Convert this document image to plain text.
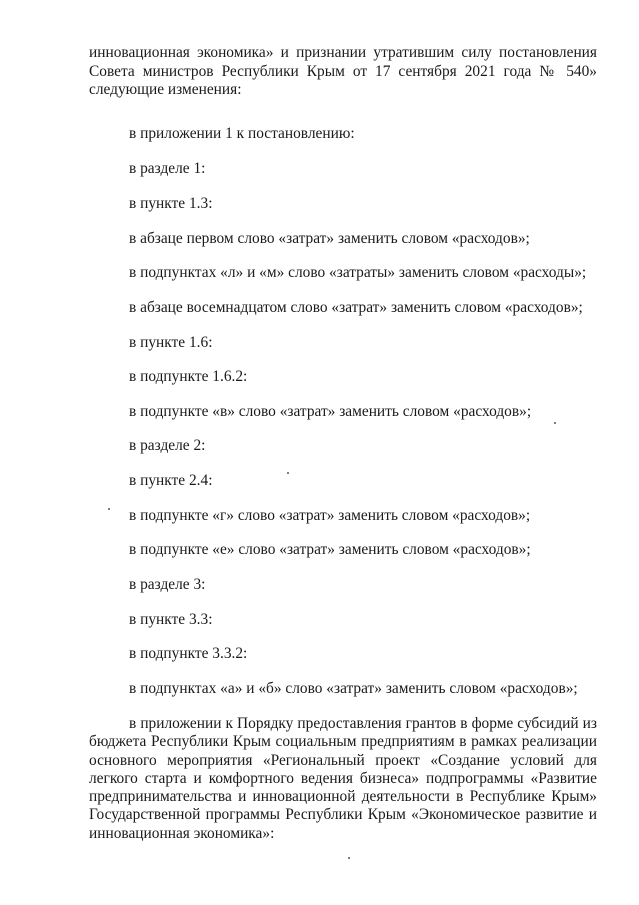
инновационная экономика» и признании утратившим силу постановления Совета министров Республики Крым от 17 сентября 2021 года № 540» следующие изменения:

в приложении 1 к постановлению:

в разделе 1:

в пункте 1.3:

в абзаце первом слово «затрат» заменить словом «расходов»;

в подпунктах «л» и «м» слово «затраты» заменить словом «расходы»;

в абзаце восемнадцатом слово «затрат» заменить словом «расходов»;

в пункте 1.6:

в подпункте 1.6.2:

в подпункте «в» слово «затрат» заменить словом «расходов»;

в разделе 2:

в пункте 2.4:

в подпункте «г» слово «затрат» заменить словом «расходов»;

в подпункте «е» слово «затрат» заменить словом «расходов»;

в разделе 3:

в пункте 3.3:

в подпункте 3.3.2:

в подпунктах «а» и «б» слово «затрат» заменить словом «расходов»;

в приложении к Порядку предоставления грантов в форме субсидий из бюджета Республики Крым социальным предприятиям в рамках реализации основного мероприятия «Региональный проект «Создание условий для легкого старта и комфортного ведения бизнеса» подпрограммы «Развитие предпринимательства и инновационной деятельности в Республике Крым» Государственной программы Республики Крым «Экономическое развитие и инновационная экономика»:
